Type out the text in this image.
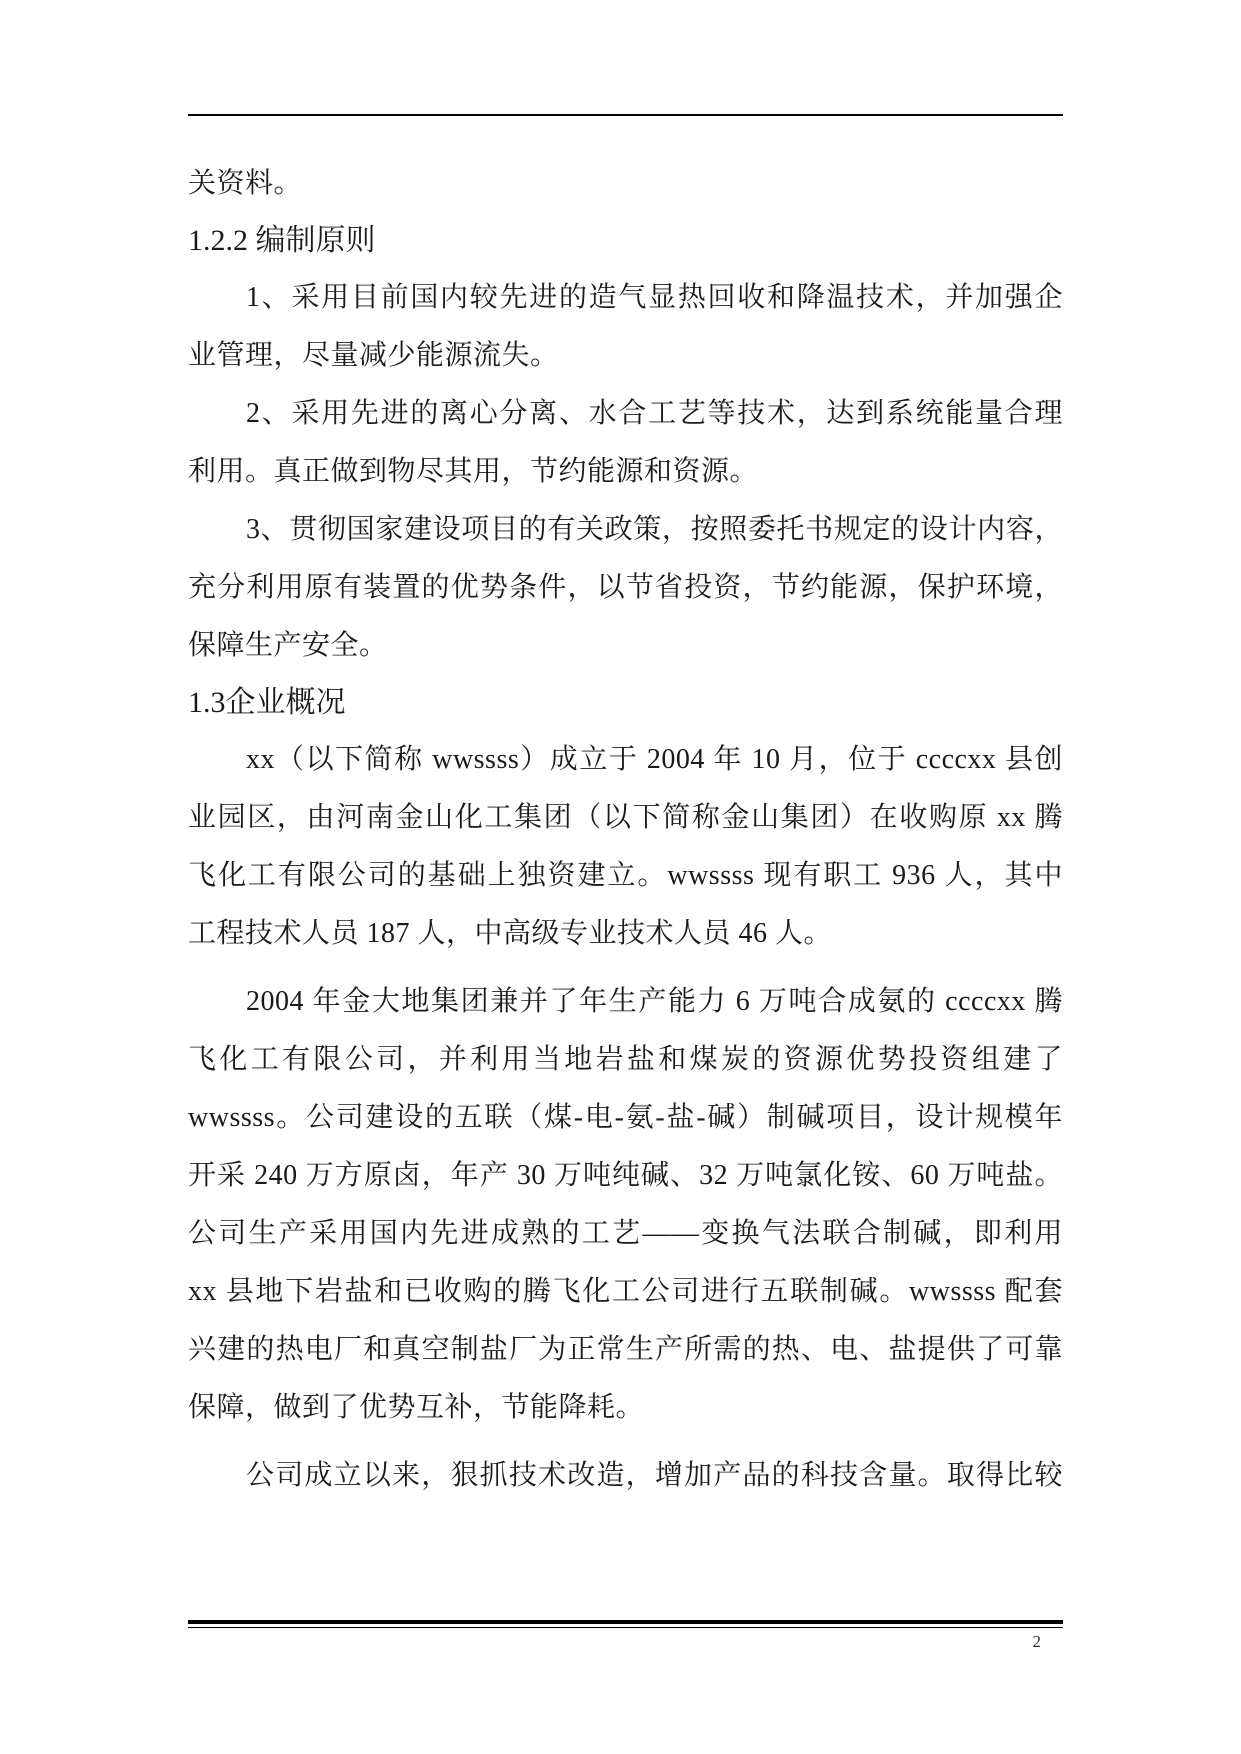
关资料。
1.2.2 编制原则
1、采用目前国内较先进的造气显热回收和降温技术，并加强企
业管理，尽量减少能源流失。
2、采用先进的离心分离、水合工艺等技术，达到系统能量合理
利用。真正做到物尽其用，节约能源和资源。
3、贯彻国家建设项目的有关政策，按照委托书规定的设计内容，
充分利用原有装置的优势条件，以节省投资，节约能源，保护环境，
保障生产安全。
1.3企业概况
xx（以下简称 wwssss）成立于 2004 年 10 月，位于 ccccxx 县创
业园区，由河南金山化工集团（以下简称金山集团）在收购原 xx 腾
飞化工有限公司的基础上独资建立。wwssss 现有职工 936 人，其中
工程技术人员 187 人，中高级专业技术人员 46 人。
2004 年金大地集团兼并了年生产能力 6 万吨合成氨的 ccccxx 腾
飞化工有限公司，并利用当地岩盐和煤炭的资源优势投资组建了
wwssss。公司建设的五联（煤-电-氨-盐-碱）制碱项目，设计规模年
开采 240 万方原卤，年产 30 万吨纯碱、32 万吨氯化铵、60 万吨盐。
公司生产采用国内先进成熟的工艺——变换气法联合制碱，即利用
xx 县地下岩盐和已收购的腾飞化工公司进行五联制碱。wwssss 配套
兴建的热电厂和真空制盐厂为正常生产所需的热、电、盐提供了可靠
保障，做到了优势互补，节能降耗。
公司成立以来，狠抓技术改造，增加产品的科技含量。取得比较
2
